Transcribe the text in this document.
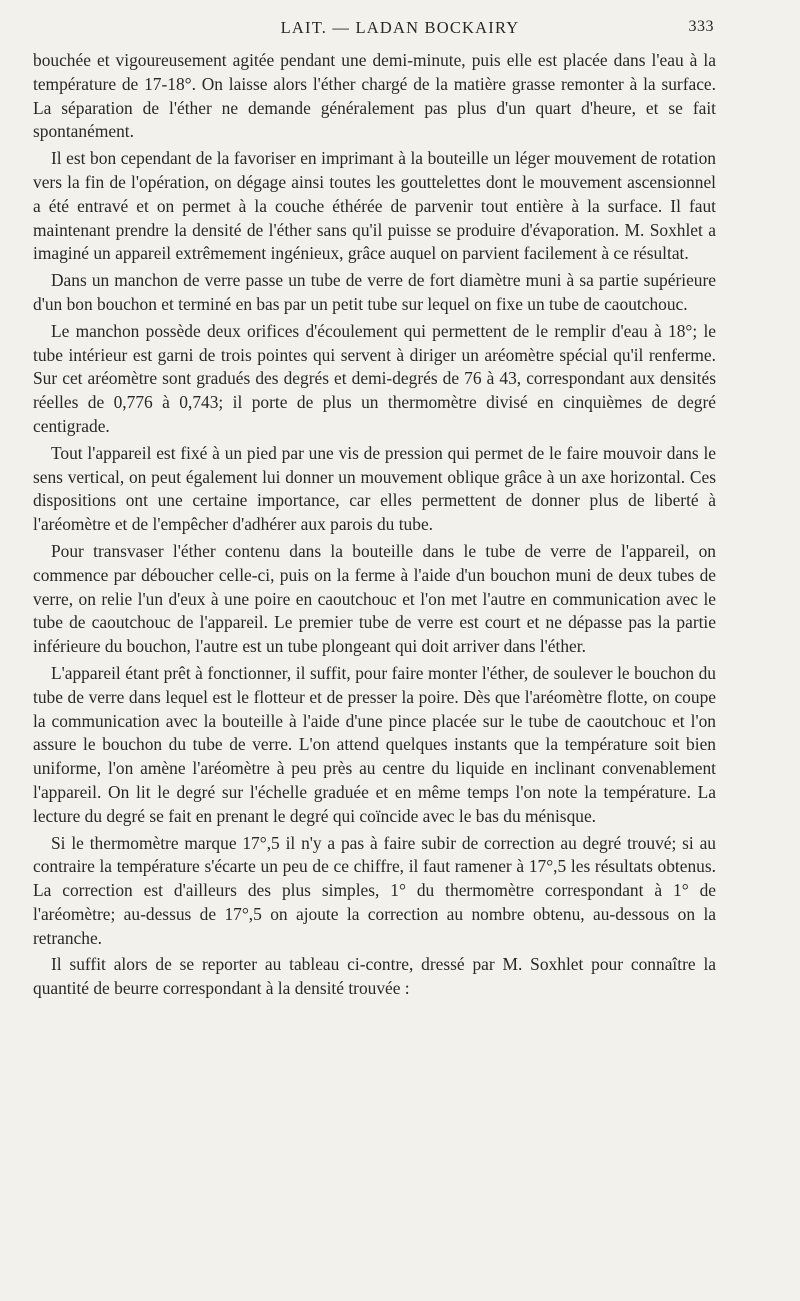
LAIT. — LADAN BOCKAIRY	333

bouchée et vigoureusement agitée pendant une demi-minute, puis elle est placée dans l'eau à la température de 17-18°. On laisse alors l'éther chargé de la matière grasse remonter à la surface. La séparation de l'éther ne demande généralement pas plus d'un quart d'heure, et se fait spontanément.

Il est bon cependant de la favoriser en imprimant à la bouteille un léger mouvement de rotation vers la fin de l'opération, on dégage ainsi toutes les gouttelettes dont le mouvement ascensionnel a été entravé et on permet à la couche éthérée de parvenir tout entière à la surface. Il faut maintenant prendre la densité de l'éther sans qu'il puisse se produire d'évaporation. M. Soxhlet a imaginé un appareil extrêmement ingénieux, grâce auquel on parvient facilement à ce résultat.

Dans un manchon de verre passe un tube de verre de fort diamètre muni à sa partie supérieure d'un bon bouchon et terminé en bas par un petit tube sur lequel on fixe un tube de caoutchouc.

Le manchon possède deux orifices d'écoulement qui permettent de le remplir d'eau à 18°; le tube intérieur est garni de trois pointes qui servent à diriger un aréomètre spécial qu'il renferme. Sur cet aréomètre sont gradués des degrés et demi-degrés de 76 à 43, correspondant aux densités réelles de 0,776 à 0,743; il porte de plus un thermomètre divisé en cinquièmes de degré centigrade.

Tout l'appareil est fixé à un pied par une vis de pression qui permet de le faire mouvoir dans le sens vertical, on peut également lui donner un mouvement oblique grâce à un axe horizontal. Ces dispositions ont une certaine importance, car elles permettent de donner plus de liberté à l'aréomètre et de l'empêcher d'adhérer aux parois du tube.

Pour transvaser l'éther contenu dans la bouteille dans le tube de verre de l'appareil, on commence par déboucher celle-ci, puis on la ferme à l'aide d'un bouchon muni de deux tubes de verre, on relie l'un d'eux à une poire en caoutchouc et l'on met l'autre en communication avec le tube de caoutchouc de l'appareil. Le premier tube de verre est court et ne dépasse pas la partie inférieure du bouchon, l'autre est un tube plongeant qui doit arriver dans l'éther.

L'appareil étant prêt à fonctionner, il suffit, pour faire monter l'éther, de soulever le bouchon du tube de verre dans lequel est le flotteur et de presser la poire. Dès que l'aréomètre flotte, on coupe la communication avec la bouteille à l'aide d'une pince placée sur le tube de caoutchouc et l'on assure le bouchon du tube de verre. L'on attend quelques instants que la température soit bien uniforme, l'on amène l'aréomètre à peu près au centre du liquide en inclinant convenablement l'appareil. On lit le degré sur l'échelle graduée et en même temps l'on note la température. La lecture du degré se fait en prenant le degré qui coïncide avec le bas du ménisque.

Si le thermomètre marque 17°,5 il n'y a pas à faire subir de correction au degré trouvé; si au contraire la température s'écarte un peu de ce chiffre, il faut ramener à 17°,5 les résultats obtenus. La correction est d'ailleurs des plus simples, 1° du thermomètre correspondant à 1° de l'aréomètre; au-dessus de 17°,5 on ajoute la correction au nombre obtenu, au-dessous on la retranche.

Il suffit alors de se reporter au tableau ci-contre, dressé par M. Soxhlet pour connaître la quantité de beurre correspondant à la densité trouvée :
